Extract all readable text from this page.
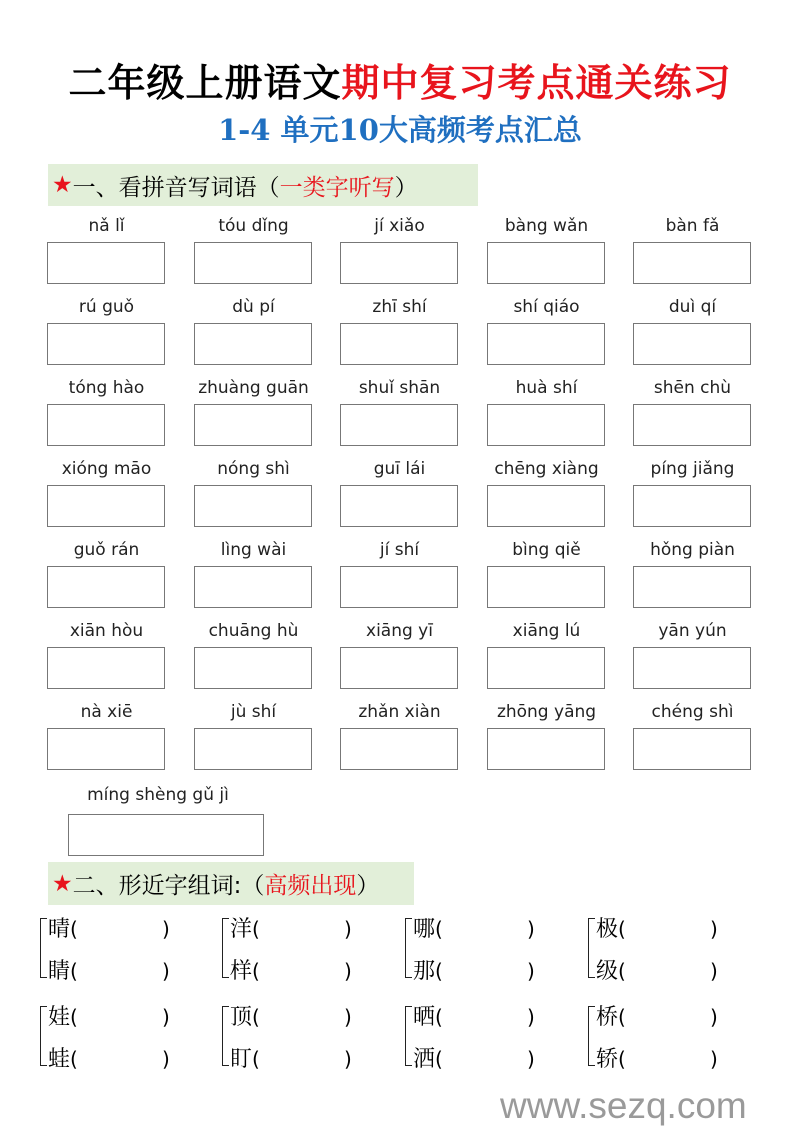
二年级上册语文期中复习考点通关练习
1-4 单元10大高频考点汇总
★ 一、看拼音写词语（ 一类字听写 ）
nǎ lǐ	tóu dǐng	jí xiǎo	bàng wǎn	bàn fǎ
rú guǒ	dù pí	zhī shí	shí qiáo	duì qí
tóng hào	zhuàng guān	shuǐ shān	huà shí	shēn chù
xióng māo	nóng shì	guī lái	chēng xiàng	píng jiǎng
guǒ rán	lìng wài	jí shí	bìng qiě	hǒng piàn
xiān hòu	chuāng hù	xiāng yī	xiāng lú	yān yún
nà xiē	jù shí	zhǎn xiàn	zhōng yāng	chéng shì
míng shèng gǔ jì
★ 二、形近字组词:（ 高频出现 ）
晴(	)
睛(	)
洋(	)
样(	)
哪(	)
那(	)
极(	)
级(	)
娃(	)
蛙(	)
顶(	)
盯(	)
晒(	)
洒(	)
桥(	)
轿(	)
www.sezq.com
